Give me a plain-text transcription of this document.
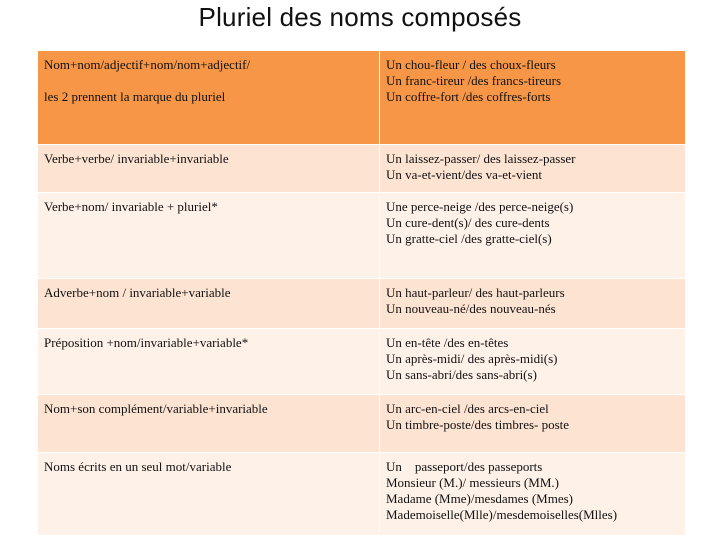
Pluriel des noms composés
Nom+nom/adjectif+nom/nom+adjectif/
les 2 prennent la marque du pluriel	Un chou-fleur / des choux-fleurs
Un franc-tireur /des francs-tireurs
Un coffre-fort /des coffres-forts

Verbe+verbe/ invariable+invariable	Un laissez-passer/ des laissez-passer
Un va-et-vient/des va-et-vient

Verbe+nom/ invariable + pluriel*	Une perce-neige /des perce-neige(s)
Un cure-dent(s)/ des cure-dents
Un gratte-ciel /des gratte-ciel(s)

Adverbe+nom / invariable+variable	Un haut-parleur/ des haut-parleurs
Un nouveau-né/des nouveau-nés

Préposition +nom/invariable+variable*	Un en-tête /des en-têtes
Un après-midi/ des après-midi(s)
Un sans-abri/des sans-abri(s)

Nom+son complément/variable+invariable	Un arc-en-ciel /des arcs-en-ciel
Un timbre-poste/des timbres- poste

Noms écrits en un seul mot/variable	Un    passeport/des passeports
Monsieur (M.)/ messieurs (MM.)
Madame (Mme)/mesdames (Mmes)
Mademoiselle(Mlle)/mesdemoiselles(Mlles)
